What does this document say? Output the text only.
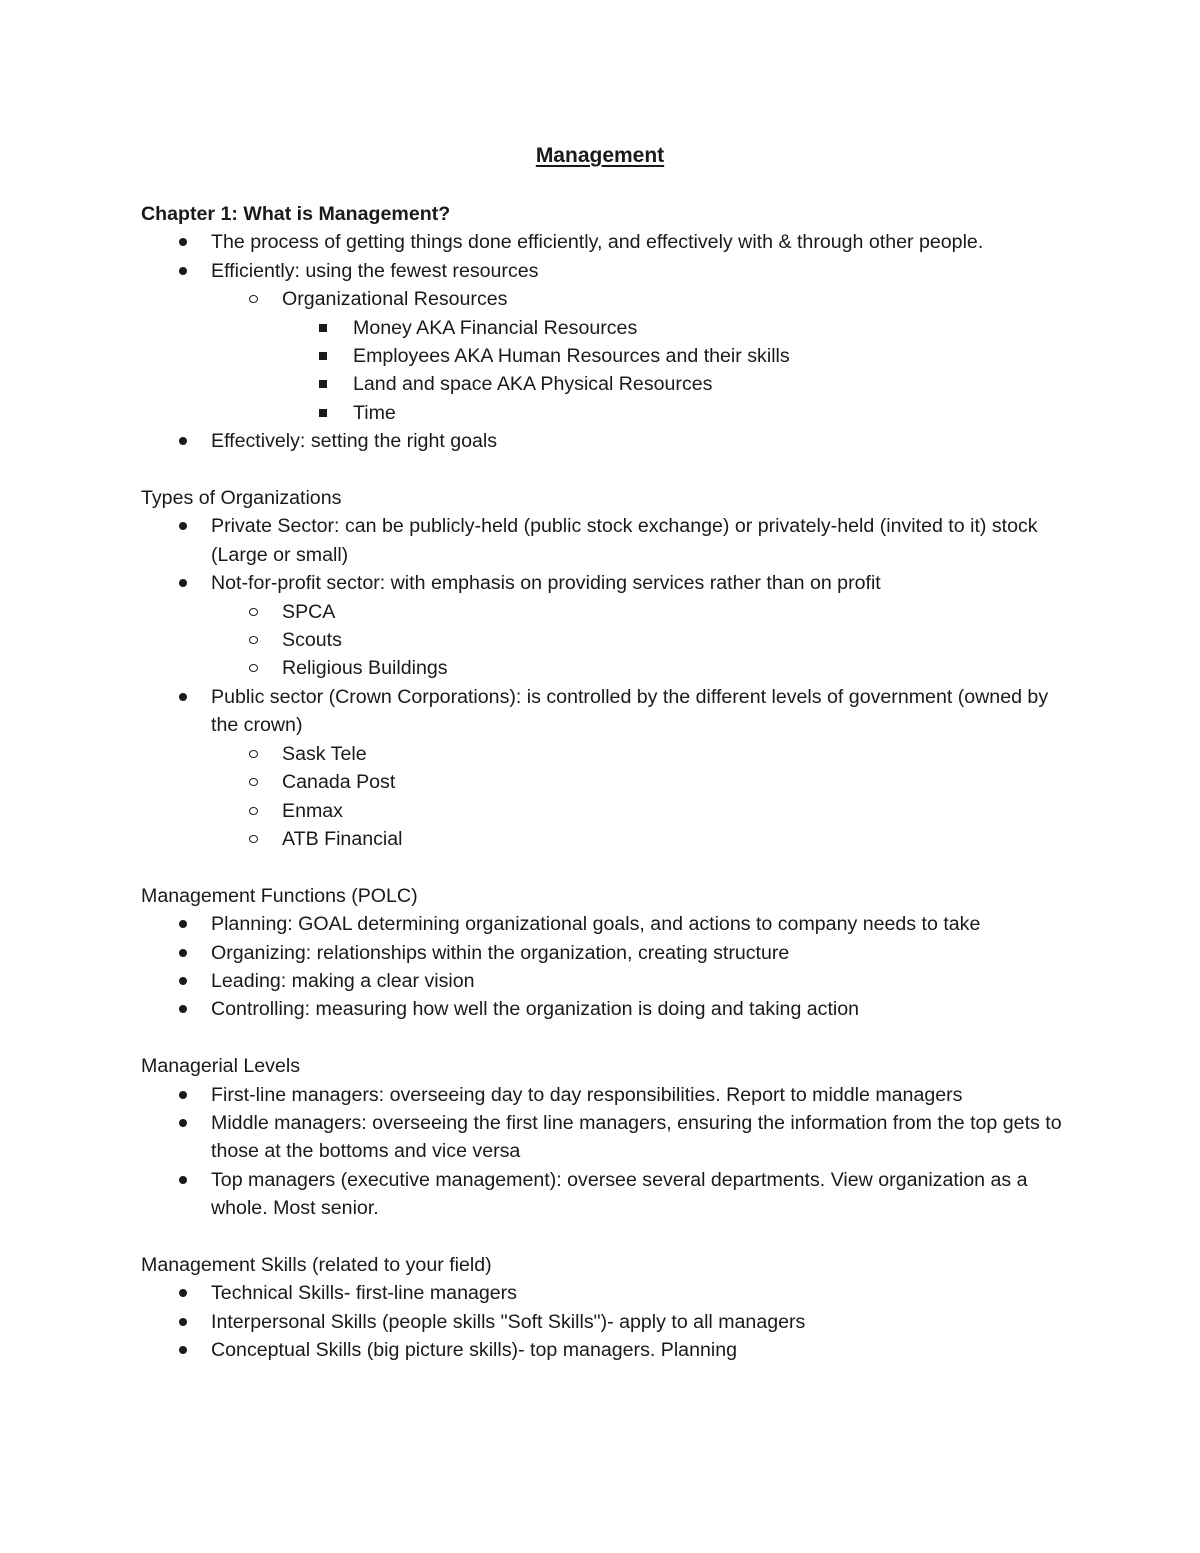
Management
Chapter 1: What is Management?
The process of getting things done efficiently, and effectively with & through other people.
Efficiently: using the fewest resources
Organizational Resources
Money AKA Financial Resources
Employees AKA Human Resources and their skills
Land and space AKA Physical Resources
Time
Effectively: setting the right goals
Types of Organizations
Private Sector: can be publicly-held (public stock exchange) or privately-held (invited to it) stock (Large or small)
Not-for-profit sector: with emphasis on providing services rather than on profit
SPCA
Scouts
Religious Buildings
Public sector (Crown Corporations): is controlled by the different levels of government (owned by the crown)
Sask Tele
Canada Post
Enmax
ATB Financial
Management Functions (POLC)
Planning: GOAL determining organizational goals, and actions to company needs to take
Organizing: relationships within the organization, creating structure
Leading: making a clear vision
Controlling: measuring how well the organization is doing and taking action
Managerial Levels
First-line managers: overseeing day to day responsibilities. Report to middle managers
Middle managers: overseeing the first line managers, ensuring the information from the top gets to those at the bottoms and vice versa
Top managers (executive management): oversee several departments. View organization as a whole. Most senior.
Management Skills (related to your field)
Technical Skills- first-line managers
Interpersonal Skills (people skills "Soft Skills")- apply to all managers
Conceptual Skills (big picture skills)- top managers. Planning
